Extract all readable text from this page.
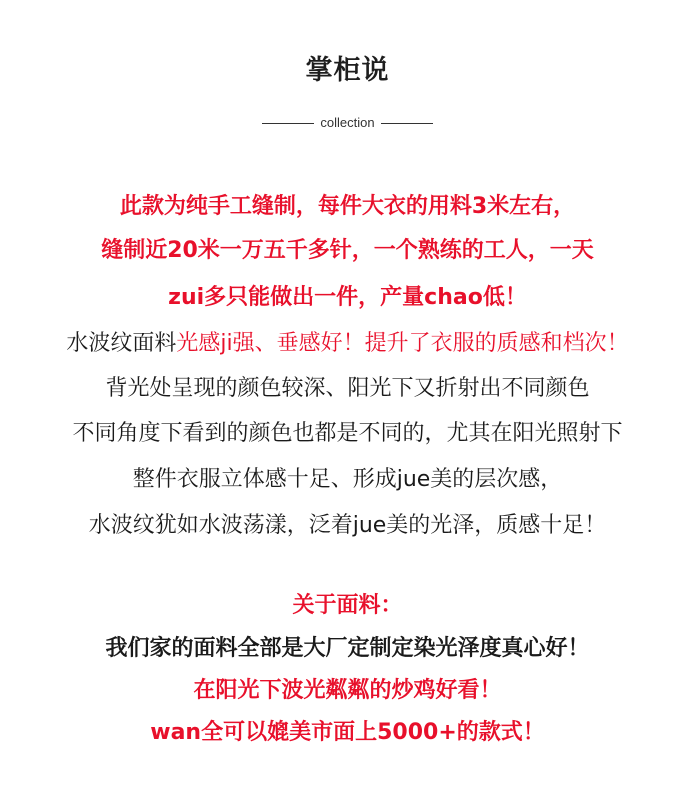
掌柜说
collection
此款为纯手工缝制，每件大衣的用料3米左右，
缝制近20米一万五千多针，一个熟练的工人，一天
zui多只能做出一件，产量chao低！
水波纹面料光感ji强、垂感好！提升了衣服的质感和档次！
背光处呈现的颜色较深、阳光下又折射出不同颜色
不同角度下看到的颜色也都是不同的，尤其在阳光照射下
整件衣服立体感十足、形成jue美的层次感，
水波纹犹如水波荡漾，泛着jue美的光泽，质感十足！
关于面料：
我们家的面料全部是大厂定制定染光泽度真心好！
在阳光下波光粼粼的炒鸡好看！
wan全可以媲美市面上5000+的款式！
